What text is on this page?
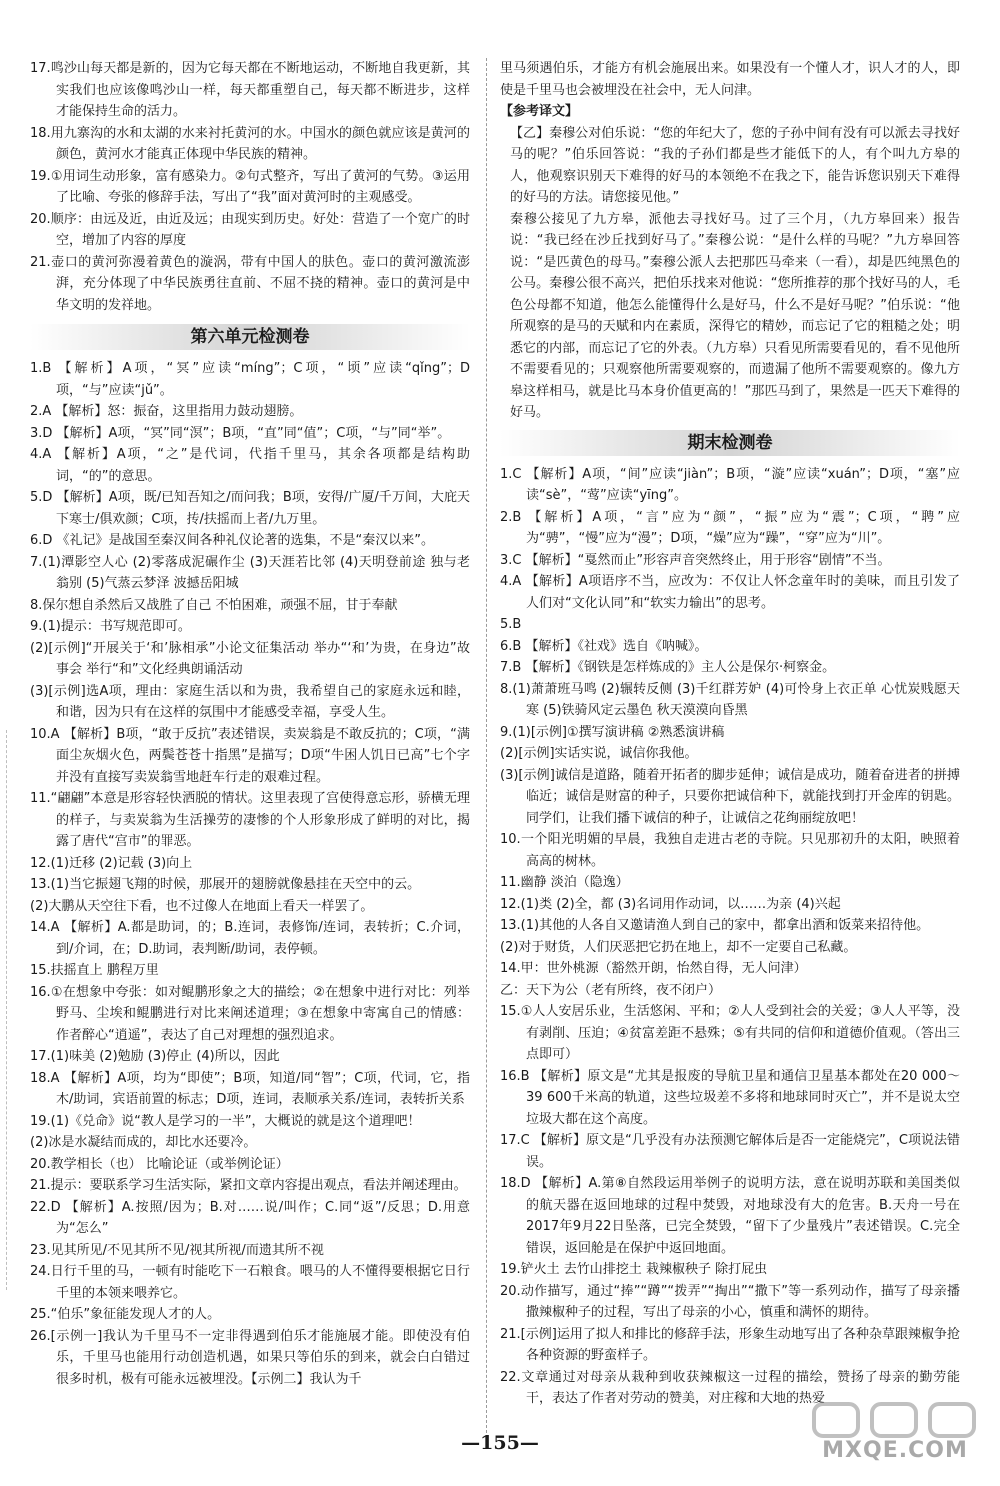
17.鸣沙山每天都是新的，因为它每天都在不断地运动，不断地自我更新，其实我们也应该像鸣沙山一样，每天都重塑自己，每天都不断进步，这样才能保持生命的活力。

18.用九寨沟的水和太湖的水来衬托黄河的水。中国水的颜色就应该是黄河的颜色，黄河水才能真正体现中华民族的精神。

19.①用词生动形象，富有感染力。②句式整齐，写出了黄河的气势。③运用了比喻、夸张的修辞手法，写出了“我”面对黄河时的主观感受。

20.顺序：由远及近，由近及远；由现实到历史。好处：营造了一个宽广的时空，增加了内容的厚度

21.壶口的黄河弥漫着黄色的漩涡，带有中国人的肤色。壶口的黄河激流澎湃，充分体现了中华民族勇往直前、不屈不挠的精神。壶口的黄河是中华文明的发祥地。

第六单元检测卷

1.B 【解析】A项，“冥”应读“míng”；C项，“顷”应读“qǐng”；D项，“与”应读“jǔ”。

2.A 【解析】怒：振奋，这里指用力鼓动翅膀。

3.D 【解析】A项，“冥”同“溟”；B项，“直”同“值”；C项，“与”同“举”。

4.A 【解析】A项，“之”是代词，代指千里马，其余各项都是结构助词，“的”的意思。

5.D 【解析】A项，既/已知吾知之/而问我；B项，安得/广厦/千万间，大庇天下寒士/俱欢颜；C项，抟/扶摇而上者/九万里。

6.D 《礼记》是战国至秦汉间各种礼仪论著的选集，不是“秦汉以来”。

7.(1)潭影空人心 (2)零落成泥碾作尘 (3)天涯若比邻 (4)天明登前途 独与老翁别 (5)气蒸云梦泽 波撼岳阳城

8.保尔想自杀然后又战胜了自己 不怕困难，顽强不屈，甘于奉献

9.(1)提示：书写规范即可。

(2)[示例]“开展关于‘和’脉相承”小论文征集活动 举办“‘和’为贵，在身边”故事会 举行“和”文化经典朗诵活动

(3)[示例]选A项，理由：家庭生活以和为贵，我希望自己的家庭永远和睦，和谐，因为只有在这样的氛围中才能感受幸福，享受人生。

10.A 【解析】B项，“敢于反抗”表述错误，卖炭翁是不敢反抗的；C项，“满面尘灰烟火色，两鬓苍苍十指黑”是描写；D项“牛困人饥日已高”七个字并没有直接写卖炭翁雪地赶车行走的艰难过程。

11.“翩翩”本意是形容轻快洒脱的情状。这里表现了宫使得意忘形，骄横无理的样子，与卖炭翁为生活操劳的凄惨的个人形象形成了鲜明的对比，揭露了唐代“宫市”的罪恶。

12.(1)迁移 (2)记载 (3)向上

13.(1)当它振翅飞翔的时候，那展开的翅膀就像悬挂在天空中的云。

(2)大鹏从天空往下看，也不过像人在地面上看天一样罢了。

14.A 【解析】A.都是助词，的；B.连词，表修饰/连词，表转折；C.介词，到/介词，在；D.助词，表判断/助词，表停顿。

15.扶摇直上 鹏程万里

16.①在想象中夸张：如对鲲鹏形象之大的描绘；②在想象中进行对比：列举野马、尘埃和鲲鹏进行对比来阐述道理；③在想象中寄寓自己的情感：作者醉心“逍遥”，表达了自己对理想的强烈追求。

17.(1)味美 (2)勉励 (3)停止 (4)所以，因此

18.A 【解析】A项，均为“即使”；B项，知道/同“智”；C项，代词，它，指木/助词，宾语前置的标志；D项，连词，表顺承关系/连词，表转折关系

19.(1)《兑命》说“教人是学习的一半”，大概说的就是这个道理吧！

(2)冰是水凝结而成的，却比水还要冷。

20.教学相长（也） 比喻论证（或举例论证）

21.提示：要联系学习生活实际，紧扣文章内容提出观点，看法并阐述理由。

22.D 【解析】A.按照/因为；B.对……说/叫作；C.同“返”/反思；D.用意为“怎么”

23.见其所见/不见其所不见/视其所视/而遗其所不视

24.日行千里的马，一顿有时能吃下一石粮食。喂马的人不懂得要根据它日行千里的本领来喂养它。

25.“伯乐”象征能发现人才的人。

26.[示例一]我认为千里马不一定非得遇到伯乐才能施展才能。即使没有伯乐，千里马也能用行动创造机遇，如果只等伯乐的到来，就会白白错过很多时机，极有可能永远被埋没。【示例二】我认为千

里马须遇伯乐，才能方有机会施展出来。如果没有一个懂人才，识人才的人，即使是千里马也会被埋没在社会中，无人问津。

【参考译文】

【乙】秦穆公对伯乐说：“您的年纪大了，您的子孙中间有没有可以派去寻找好马的呢？”伯乐回答说：“我的子孙们都是些才能低下的人，有个叫九方皋的人，他观察识别天下难得的好马的本领绝不在我之下，能告诉您识别天下难得的好马的方法。请您接见他。”

秦穆公接见了九方皋，派他去寻找好马。过了三个月，（九方皋回来）报告说：“我已经在沙丘找到好马了。”秦穆公说：“是什么样的马呢？”九方皋回答说：“是匹黄色的母马。”秦穆公派人去把那匹马牵来（一看），却是匹纯黑色的公马。秦穆公很不高兴，把伯乐找来对他说：“您所推荐的那个找好马的人，毛色公母都不知道，他怎么能懂得什么是好马，什么不是好马呢？”伯乐说：“他所观察的是马的天赋和内在素质，深得它的精妙，而忘记了它的粗糙之处；明悉它的内部，而忘记了它的外表。（九方皋）只看见所需要看见的，看不见他所不需要看见的；只观察他所需要观察的，而遗漏了他所不需要观察的。像九方皋这样相马，就是比马本身价值更高的！”那匹马到了，果然是一匹天下难得的好马。

期末检测卷

1.C 【解析】A项，“间”应读“jiàn”；B项，“漩”应读“xuán”；D项，“塞”应读“sè”，“莺”应读“yīng”。

2.B 【解析】A项，“言”应为“颜”，“振”应为“震”；C项，“聘”应为“骋”，“慢”应为“漫”；D项，“燥”应为“躁”，“穿”应为“川”。

3.C 【解析】“戛然而止”形容声音突然终止，用于形容“剧情”不当。

4.A 【解析】A项语序不当，应改为：不仅让人怀念童年时的美味，而且引发了人们对“文化认同”和“软实力输出”的思考。

5.B

6.B 【解析】《社戏》选自《呐喊》。

7.B 【解析】《钢铁是怎样炼成的》主人公是保尔·柯察金。

8.(1)萧萧班马鸣 (2)辗转反侧 (3)千红群芳妒 (4)可怜身上衣正单 心忧炭贱愿天寒 (5)铁骑风定云墨色 秋天漠漠向昏黑

9.(1)[示例]①撰写演讲稿 ②熟悉演讲稿

(2)[示例]实话实说，诚信你我他。

(3)[示例]诚信是道路，随着开拓者的脚步延伸；诚信是成功，随着奋进者的拼搏临近；诚信是财富的种子，只要你把诚信种下，就能找到打开金库的钥匙。同学们，让我们播下诚信的种子，让诚信之花绚丽绽放吧！

10.一个阳光明媚的早晨，我独自走进古老的寺院。只见那初升的太阳，映照着高高的树林。

11.幽静 淡泊（隐逸）

12.(1)类 (2)全，都 (3)名词用作动词，以……为亲 (4)兴起

13.(1)其他的人各自又邀请渔人到自己的家中，都拿出酒和饭菜来招待他。

(2)对于财货，人们厌恶把它扔在地上，却不一定要自己私藏。

14.甲：世外桃源（豁然开朗，怡然自得，无人问津）

乙：天下为公（老有所终，夜不闭户）

15.①人人安居乐业，生活悠闲、平和；②人人受到社会的关爱；③人人平等，没有剥削、压迫；④贫富差距不悬殊；⑤有共同的信仰和道德价值观。（答出三点即可）

16.B 【解析】原文是“尤其是报废的导航卫星和通信卫星基本都处在20 000～39 600千米高的轨道，这些垃圾差不多将和地球同时灭亡”，并不是说太空垃圾大都在这个高度。

17.C 【解析】原文是“几乎没有办法预测它解体后是否一定能烧完”，C项说法错误。

18.D 【解析】A.第⑧自然段运用举例子的说明方法，意在说明苏联和美国类似的航天器在返回地球的过程中焚毁，对地球没有大的危害。B.天舟一号在2017年9月22日坠落，已完全焚毁，“留下了少量残片”表述错误。C.完全错误，返回舱是在保护中返回地面。

19.铲火土 去竹山排挖土 栽辣椒秧子 除打屁虫

20.动作描写，通过“捧”“蹲”“拨弄”“掏出”“撒下”等一系列动作，描写了母亲播撒辣椒种子的过程，写出了母亲的小心，慎重和满怀的期待。

21.[示例]运用了拟人和排比的修辞手法，形象生动地写出了各种杂草跟辣椒争抢各种资源的野蛮样子。

22.文章通过对母亲从栽种到收获辣椒这一过程的描绘，赞扬了母亲的勤劳能干，表达了作者对劳动的赞美，对庄稼和大地的热爱

—155—	MXQE.COM
